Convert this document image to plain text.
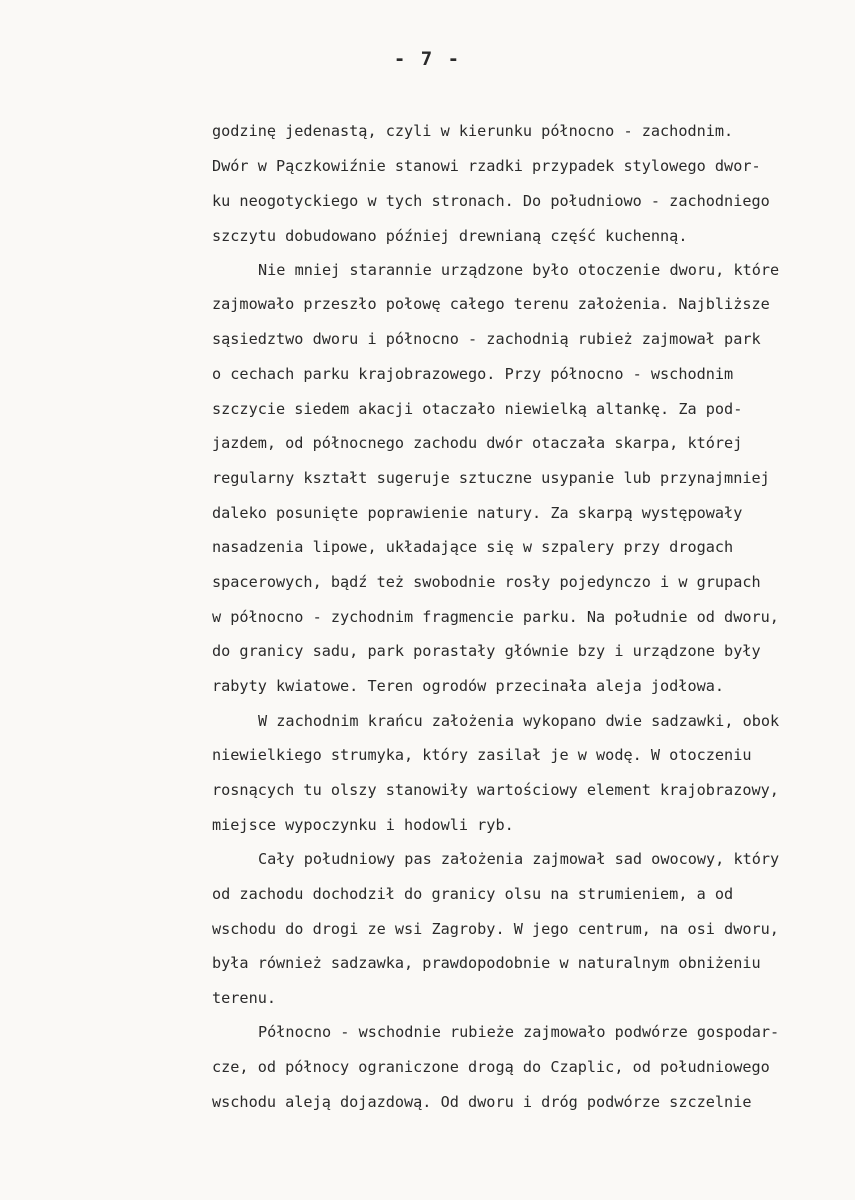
- 7 -
godzinę jedenastą, czyli w kierunku północno - zachodnim.
Dwór w Pączkowiźnie stanowi rzadki przypadek stylowego dwor-
ku neogotyckiego w tych stronach. Do południowo - zachodniego
szczytu dobudowano później drewnianą część kuchenną.
Nie mniej starannie urządzone było otoczenie dworu, które
zajmowało przeszło połowę całego terenu założenia. Najbliższe
sąsiedztwo dworu i północno - zachodnią rubież zajmował park
o cechach parku krajobrazowego. Przy północno - wschodnim
szczycie siedem akacji otaczało niewielką altankę. Za pod-
jazdem, od północnego zachodu dwór otaczała skarpa, której
regularny kształt sugeruje sztuczne usypanie lub przynajmniej
daleko posunięte poprawienie natury. Za skarpą występowały
nasadzenia lipowe, układające się w szpalery przy drogach
spacerowych, bądź też swobodnie rosły pojedynczo i w grupach
w północno - zychodnim fragmencie parku. Na południe od dworu,
do granicy sadu, park porastały głównie bzy i urządzone były
rabyty kwiatowe. Teren ogrodów przecinała aleja jodłowa.
W zachodnim krańcu założenia wykopano dwie sadzawki, obok
niewielkiego strumyka, który zasilał je w wodę. W otoczeniu
rosnących tu olszy stanowiły wartościowy element krajobrazowy,
miejsce wypoczynku i hodowli ryb.
Cały południowy pas założenia zajmował sad owocowy, który
od zachodu dochodził do granicy olsu na strumieniem, a od
wschodu do drogi ze wsi Zagroby. W jego centrum, na osi dworu,
była również sadzawka, prawdopodobnie w naturalnym obniżeniu
terenu.
Północno - wschodnie rubieże zajmowało podwórze gospodar-
cze, od północy ograniczone drogą do Czaplic, od południowego
wschodu aleją dojazdową. Od dworu i dróg podwórze szczelnie
